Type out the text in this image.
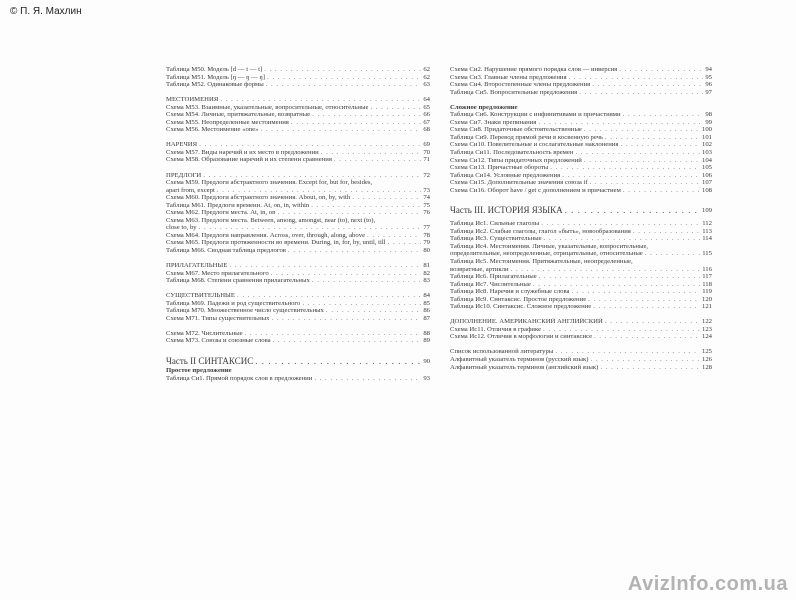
© П. Я. Махлин
Таблица М50. Модель [d — t — t] . . .	62
Таблица М51. Модель [ŋ — ŋ — ŋ] . . .	62
Таблица М52. Одинаковые формы . . .	63
МЕСТОИМЕНИЯ . . .	64
Схема М53. Взаимные, указательные, вопросительные, относительные . . .	65
Схема М54. Личные, притяжательные, возвратные . . .	66
Схема М55. Неопределенные местоимения . . .	67
Схема М56. Местоимение «one» . . .	68
НАРЕЧИЯ . . .	69
Схема М57. Виды наречий и их место в предложении . . .	70
Схема М58. Образование наречий и их степени сравнения . . .	71
ПРЕДЛОГИ . . .	72
Схема М59. Предлоги абстрактного значения. Except for, but for, besides,
apart from, except . . .	73
Схема М60. Предлоги абстрактного значения. About, on, by, with . . .	74
Таблица М61. Предлоги времени. At, on, in, within . . .	75
Схема М62. Предлоги места. At, in, on . . .	76
Схема М63. Предлоги места. Between, among, amongst, near (to), next (to),
close to, by . . .	77
Схема М64. Предлоги направления. Across, over, through, along, above . . .	78
Схема М65. Предлоги протяженности во времени. During, in, for, by, until, till . . .	79
Таблица М66. Сводная таблица предлогов . . .	80
ПРИЛАГАТЕЛЬНЫЕ . . .	81
Схема М67. Место прилагательного . . .	82
Таблица М68. Степени сравнения прилагательных . . .	83
СУЩЕСТВИТЕЛЬНЫЕ . . .	84
Таблица М69. Падежи и род существительного . . .	85
Таблица М70. Множественное число существительных . . .	86
Схема М71. Типы существительных . . .	87
Схема М72. Числительные . . .	88
Схема М73. Союзы и союзные слова . . .	89
Часть II СИНТАКСИС . . .	90
Простое предложение
Таблица Си1. Прямой порядок слов в предложении . . .	93
Схема Си2. Нарушение прямого порядка слов — инверсия . . .	94
Схема Си3. Главные члены предложения . . .	95
Схема Си4. Второстепенные члены предложения . . .	96
Таблица Си5. Вопросительные предложения . . .	97
Сложное предложение
Таблица Си6. Конструкции с инфинитивами и причастиями . . .	98
Схема Си7. Знаки препинания . . .	99
Схема Си8. Придаточные обстоятельственные . . .	100
Таблица Си9. Перевод прямой речи в косвенную речь . . .	101
Схема Си10. Повелительные и сослагательные наклонения . . .	102
Таблица Си11. Последовательность времен . . .	103
Схема Си12. Типы придаточных предложений . . .	104
Схема Си13. Причастные обороты . . .	105
Таблица Си14. Условные предложения . . .	106
Схема Си15. Дополнительные значения союза if . . .	107
Схема Си16. Оборот have / get с дополнением и причастием . . .	108
Часть III. ИСТОРИЯ ЯЗЫКА . . .	109
Таблица Ис1. Сильные глаголы . . .	112
Таблица Ис2. Слабые глаголы, глагол «быть», новообразования . . .	113
Таблица Ис3. Существительные . . .	114
Таблица Ис4. Местоимения. Личные, указательные, вопросительные,
определительные, неопределенные, отрицательные, относительные . . .	115
Таблица Ис5. Местоимения. Притяжательные, неопределенные,
возвратные, артикли . . .	116
Таблица Ис6. Прилагательные . . .	117
Таблица Ис7. Числительные . . .	118
Таблица Ис8. Наречия и служебные слова . . .	119
Таблица Ис9. Синтаксис. Простое предложение . . .	120
Таблица Ис10. Синтаксис. Сложное предложение . . .	121
ДОПОЛНЕНИЕ. АМЕРИКАНСКИЙ АНГЛИЙСКИЙ . . .	122
Схема Ис11. Отличия в графике . . .	123
Схема Ис12. Отличия в морфологии и синтаксисе . . .	124
Список использованной литературы . . .	125
Алфавитный указатель терминов (русский язык) . . .	126
Алфавитный указатель терминов (английский язык) . . .	128
AvizInfo.com.ua
